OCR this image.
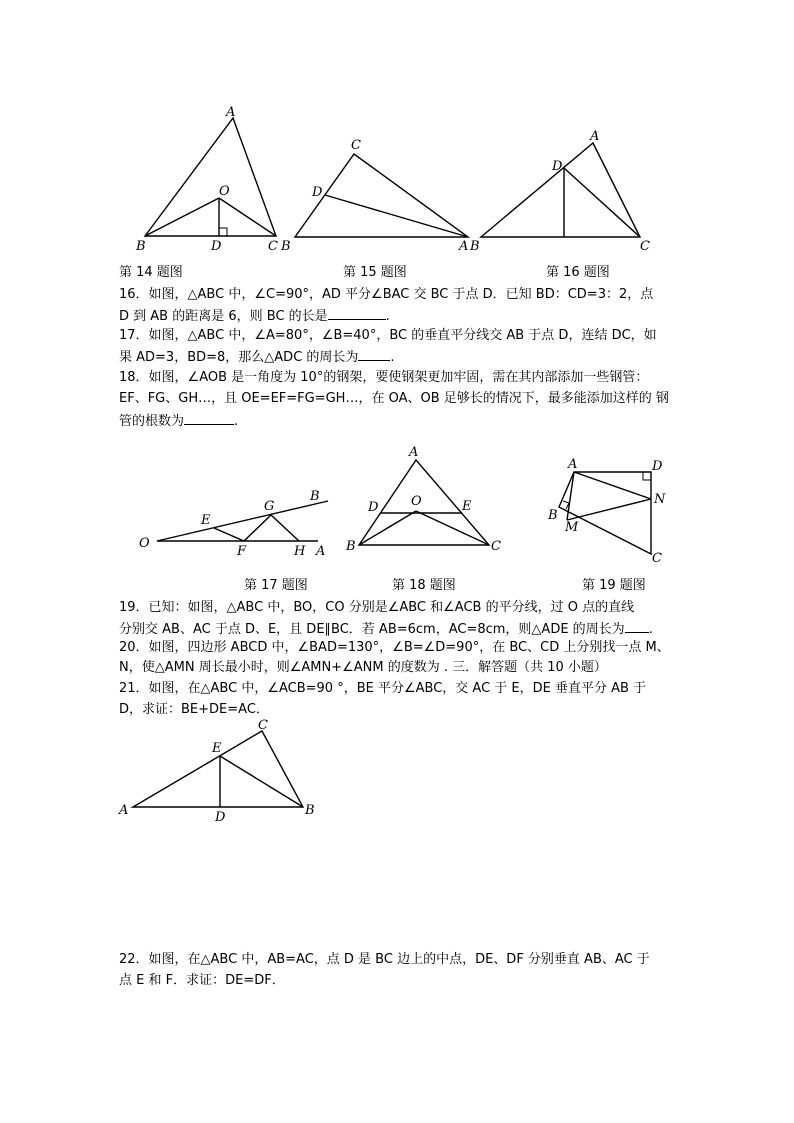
A
O
B	D	C
C
D
B	A
A
D
B	C
第 14 题图	第 15 题图	第 16 题图
16．如图，△ABC 中，∠C=90°，AD 平分∠BAC 交 BC 于点 D．已知 BD：CD=3：2，点
D 到 AB 的距离是 6，则 BC 的长是	.
17．如图，△ABC 中，∠A=80°，∠B=40°，BC 的垂直平分线交 AB 于点 D，连结 DC，如
果 AD=3，BD=8，那么△ADC 的周长为 .
18．如图，∠AOB 是一角度为 10°的钢架，要使钢架更加牢固，需在其内部添加一些钢管：
EF、FG、GH…，且 OE=EF=FG=GH…，在 OA、OB 足够长的情况下，最多能添加这样的 钢
管的根数为	.
O
E
F
G
H A
B
A
D	O	E
B	C
A	D
N
B
M
C
第 17 题图	第 18 题图	第 19 题图
19．已知：如图，△ABC 中，BO，CO 分别是∠ABC 和∠ACB 的平分线，过 O 点的直线
分别交 AB、AC 于点 D、E，且 DE∥BC．若 AB=6cm，AC=8cm，则△ADE 的周长为 .
20．如图，四边形 ABCD 中，∠BAD=130°，∠B=∠D=90°，在 BC、CD 上分别找一点 M、
N，使△AMN 周长最小时，则∠AMN+∠ANM 的度数为 . 三．解答题（共 10 小题）
21．如图，在△ABC 中，∠ACB=90 °，BE 平分∠ABC，交 AC 于 E，DE 垂直平分 AB 于
D，求证：BE+DE=AC．
C
E
A	D	B
22．如图，在△ABC 中，AB=AC，点 D 是 BC 边上的中点，DE、DF 分别垂直 AB、AC 于
点 E 和 F．求证：DE=DF．
